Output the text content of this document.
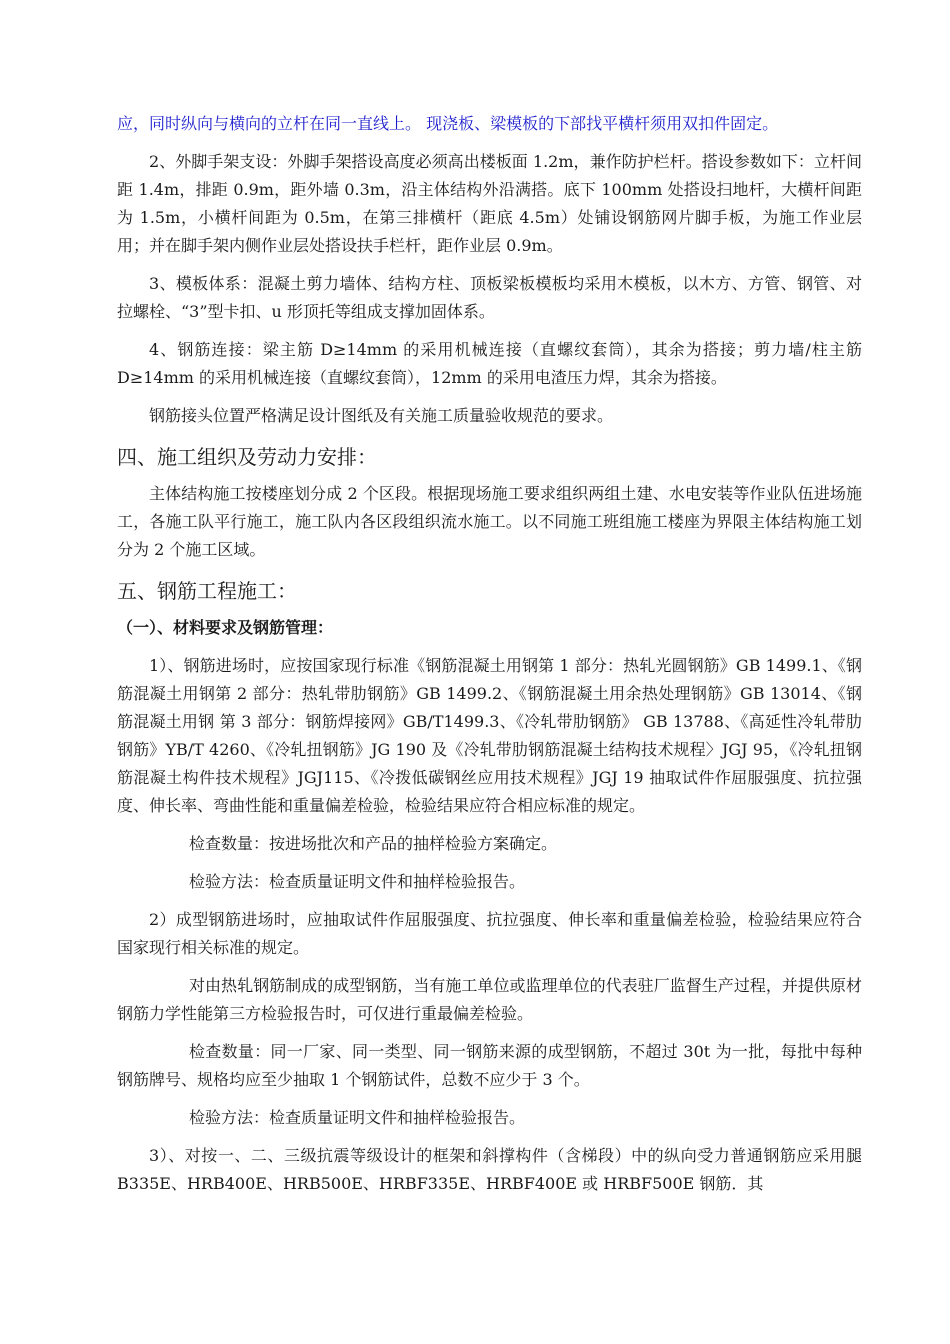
应，同时纵向与横向的立杆在同一直线上。 现浇板、梁模板的下部找平横杆须用双扣件固定。

2、外脚手架支设：外脚手架搭设高度必须高出楼板面 1.2m，兼作防护栏杆。搭设参数如下：立杆间距 1.4m，排距 0.9m，距外墙 0.3m，沿主体结构外沿满搭。底下 100mm 处搭设扫地杆，大横杆间距为 1.5m，小横杆间距为 0.5m，在第三排横杆（距底 4.5m）处铺设钢筋网片脚手板，为施工作业层用；并在脚手架内侧作业层处搭设扶手栏杆，距作业层 0.9m。

3、模板体系：混凝土剪力墙体、结构方柱、顶板梁板模板均采用木模板，以木方、方管、钢管、对拉螺栓、“3”型卡扣、u 形顶托等组成支撑加固体系。

4、钢筋连接：梁主筋 D≥14mm 的采用机械连接（直螺纹套筒），其余为搭接；剪力墙/柱主筋 D≥14mm 的采用机械连接（直螺纹套筒），12mm 的采用电渣压力焊，其余为搭接。

钢筋接头位置严格满足设计图纸及有关施工质量验收规范的要求。

四、施工组织及劳动力安排：

主体结构施工按楼座划分成 2 个区段。根据现场施工要求组织两组土建、水电安装等作业队伍进场施工，各施工队平行施工，施工队内各区段组织流水施工。以不同施工班组施工楼座为界限主体结构施工划分为 2 个施工区域。

五、钢筋工程施工：
（一）、材料要求及钢筋管理：

1）、钢筋进场时，应按国家现行标准《钢筋混凝土用钢第 1 部分：热轧光圆钢筋》GB 1499.1、《钢筋混凝土用钢第 2 部分：热轧带肋钢筋》GB 1499.2、《钢筋混凝土用余热处理钢筋》GB 13014、《钢筋混凝土用钢 第 3 部分：钢筋焊接网》GB/T1499.3、《冷轧带肋钢筋》 GB 13788、《高延性冷轧带肋钢筋》YB/T 4260、《冷轧扭钢筋》JG 190 及《冷轧带肋钢筋混凝土结构技术规程〉JGJ 95，《冷轧扭钢筋混凝土构件技术规程》JGJ115、《冷拨低碳钢丝应用技术规程》JGJ 19 抽取试件作屈服强度、抗拉强度、伸长率、弯曲性能和重量偏差检验，检验结果应符合相应标准的规定。

检查数量：按进场批次和产品的抽样检验方案确定。

检验方法：检查质量证明文件和抽样检验报告。

2）成型钢筋进场时，应抽取试件作屈服强度、抗拉强度、伸长率和重量偏差检验，检验结果应符合国家现行相关标准的规定。

对由热轧钢筋制成的成型钢筋，当有施工单位或监理单位的代表驻厂监督生产过程，并提供原材钢筋力学性能第三方检验报告时，可仅进行重最偏差检验。

检查数量：同一厂家、同一类型、同一钢筋来源的成型钢筋，不超过 30t 为一批，每批中每种钢筋牌号、规格均应至少抽取 1 个钢筋试件，总数不应少于 3 个。

检验方法：检查质量证明文件和抽样检验报告。

3）、对按一、二、三级抗震等级设计的框架和斜撑构件（含梯段）中的纵向受力普通钢筋应采用腿 B335E、HRB400E、HRB500E、HRBF335E、HRBF400E 或 HRBF500E 钢筋．其
